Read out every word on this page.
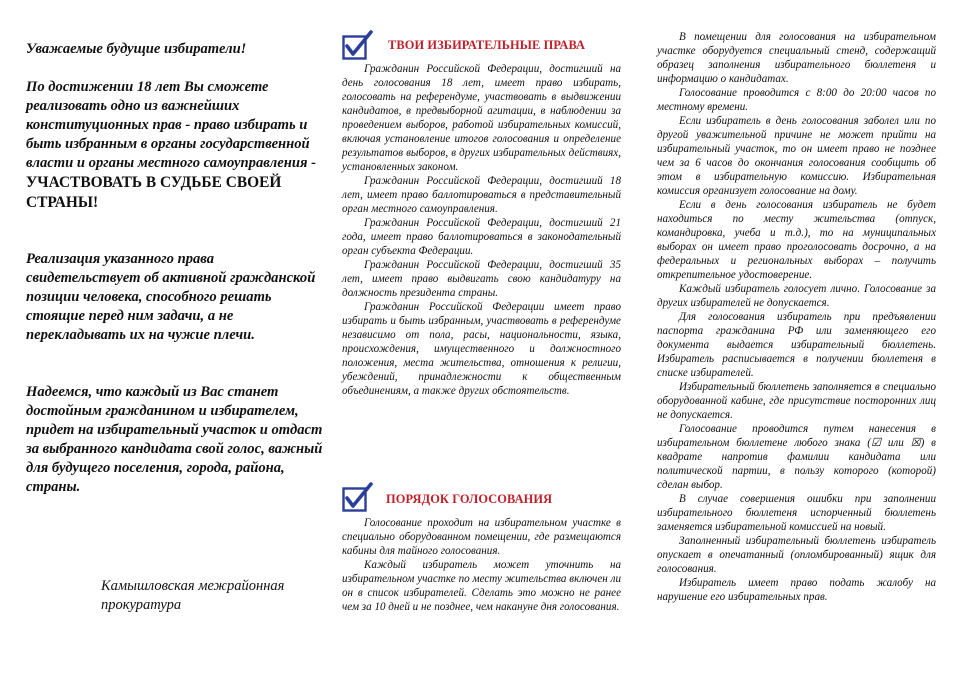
Уважаемые будущие избиратели!

По достижении 18 лет Вы сможете реализовать одно из важнейших конституционных прав - право избирать и быть избранным в органы государственной власти и органы местного самоуправления - УЧАСТВОВАТЬ В СУДЬБЕ СВОЕЙ СТРАНЫ!

Реализация указанного права свидетельствует об активной гражданской позиции человека, способного решать стоящие перед ним задачи, а не перекладывать их на чужие плечи.

Надеемся, что каждый из Вас станет достойным гражданином и избирателем, придет на избирательный участок и отдаст за выбранного кандидата свой голос, важный для будущего поселения, города, района, страны.

Камышловская межрайонная прокуратура

ТВОИ ИЗБИРАТЕЛЬНЫЕ ПРАВА

Гражданин Российской Федерации, достигший на день голосования 18 лет, имеет право избирать, голосовать на референдуме, участвовать в выдвижении кандидатов, в предвыборной агитации, в наблюдении за проведением выборов, работой избирательных комиссий, включая установление итогов голосования и определение результатов выборов, в других избирательных действиях, установленных законом.

Гражданин Российской Федерации, достигший 18 лет, имеет право баллотироваться в представительный орган местного самоуправления.

Гражданин Российской Федерации, достигший 21 года, имеет право баллотироваться в законодательный орган субъекта Федерации.

Гражданин Российской Федерации, достигший 35 лет, имеет право выдвигать свою кандидатуру на должность президента страны.

Гражданин Российской Федерации имеет право избирать и быть избранным, участвовать в референдуме независимо от пола, расы, национальности, языка, происхождения, имущественного и должностного положения, места жительства, отношения к религии, убеждений, принадлежности к общественным объединениям, а также других обстоятельств.

ПОРЯДОК ГОЛОСОВАНИЯ

Голосование проходит на избирательном участке в специально оборудованном помещении, где размещаются кабины для тайного голосования.

Каждый избиратель может уточнить на избирательном участке по месту жительства включен ли он в список избирателей. Сделать это можно не ранее чем за 10 дней и не позднее, чем накануне дня голосования.

В помещении для голосования на избирательном участке оборудуется специальный стенд, содержащий образец заполнения избирательного бюллетеня и информацию о кандидатах.

Голосование проводится с 8:00 до 20:00 часов по местному времени.

Если избиратель в день голосования заболел или по другой уважительной причине не может прийти на избирательный участок, то он имеет право не позднее чем за 6 часов до окончания голосования сообщить об этом в избирательную комиссию. Избирательная комиссия организует голосование на дому.

Если в день голосования избиратель не будет находиться по месту жительства (отпуск, командировка, учеба и т.д.), то на муниципальных выборах он имеет право проголосовать досрочно, а на федеральных и региональных выборах – получить открепительное удостоверение.

Каждый избиратель голосует лично. Голосование за других избирателей не допускается.

Для голосования избиратель при предъявлении паспорта гражданина РФ или заменяющего его документа выдается избирательный бюллетень. Избиратель расписывается в получении бюллетеня в списке избирателей.

Избирательный бюллетень заполняется в специально оборудованной кабине, где присутствие посторонних лиц не допускается.

Голосование проводится путем нанесения в избирательном бюллетене любого знака (☑ или ☒) в квадрате напротив фамилии кандидата или политической партии, в пользу которого (которой) сделан выбор.

В случае совершения ошибки при заполнении избирательного бюллетеня испорченный бюллетень заменяется избирательной комиссией на новый.

Заполненный избирательный бюллетень избиратель опускает в опечатанный (опломбированный) ящик для голосования.

Избиратель имеет право подать жалобу на нарушение его избирательных прав.
